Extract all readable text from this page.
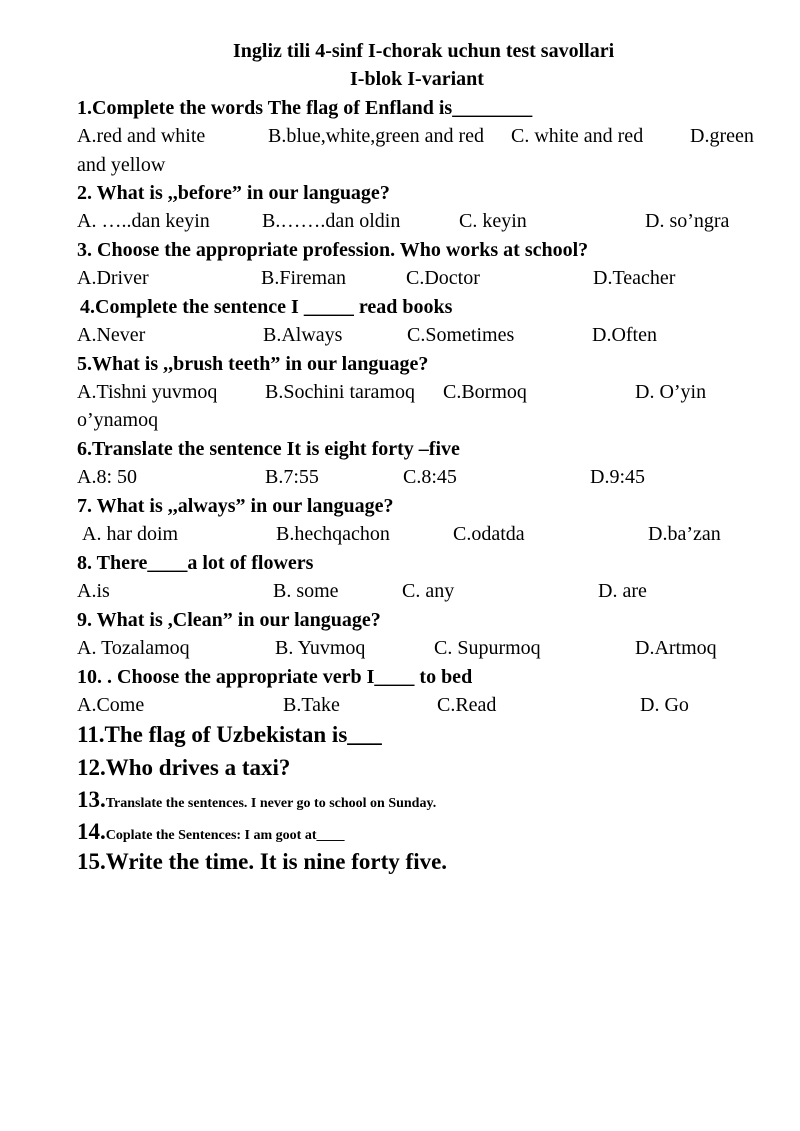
Ingliz tili 4-sinf I-chorak uchun test savollari
I-blok I-variant
1.Complete the words The flag of Enfland is________
A.red and white	B.blue,white,green and red C. white and red D.green
and yellow
2. What is ,,before” in our language?
A. …..dan keyin	B.…….dan oldin	C. keyin	D. so’ngra
3. Choose the appropriate profession. Who works at school?
A.Driver	B.Fireman	C.Doctor	D.Teacher
4.Complete the sentence I _____ read books
A.Never	B.Always	C.Sometimes	D.Often
5.What is ,,brush teeth” in our language?
A.Tishni yuvmoq B.Sochini taramoq C.Bormoq	D. O’yin
o’ynamoq
6.Translate the sentence It is eight forty –five
A.8: 50	B.7:55	C.8:45	D.9:45
7. What is ,,always” in our language?
A. har doim	B.hechqachon	C.odatda	D.ba’zan
8. There____a lot of flowers
A.is	B. some	C. any	D. are
9. What is ,Clean” in our language?
A. Tozalamoq	B. Yuvmoq	C. Supurmoq	D.Artmoq
10. . Choose the appropriate verb I____ to bed
A.Come	B.Take	C.Read	D. Go
11.The flag of Uzbekistan is___
12.Who drives a taxi?
13.Translate the sentences. I never go to school on Sunday.
14.Coplate the Sentences: I am goot at____
15.Write the time. It is nine forty five.
